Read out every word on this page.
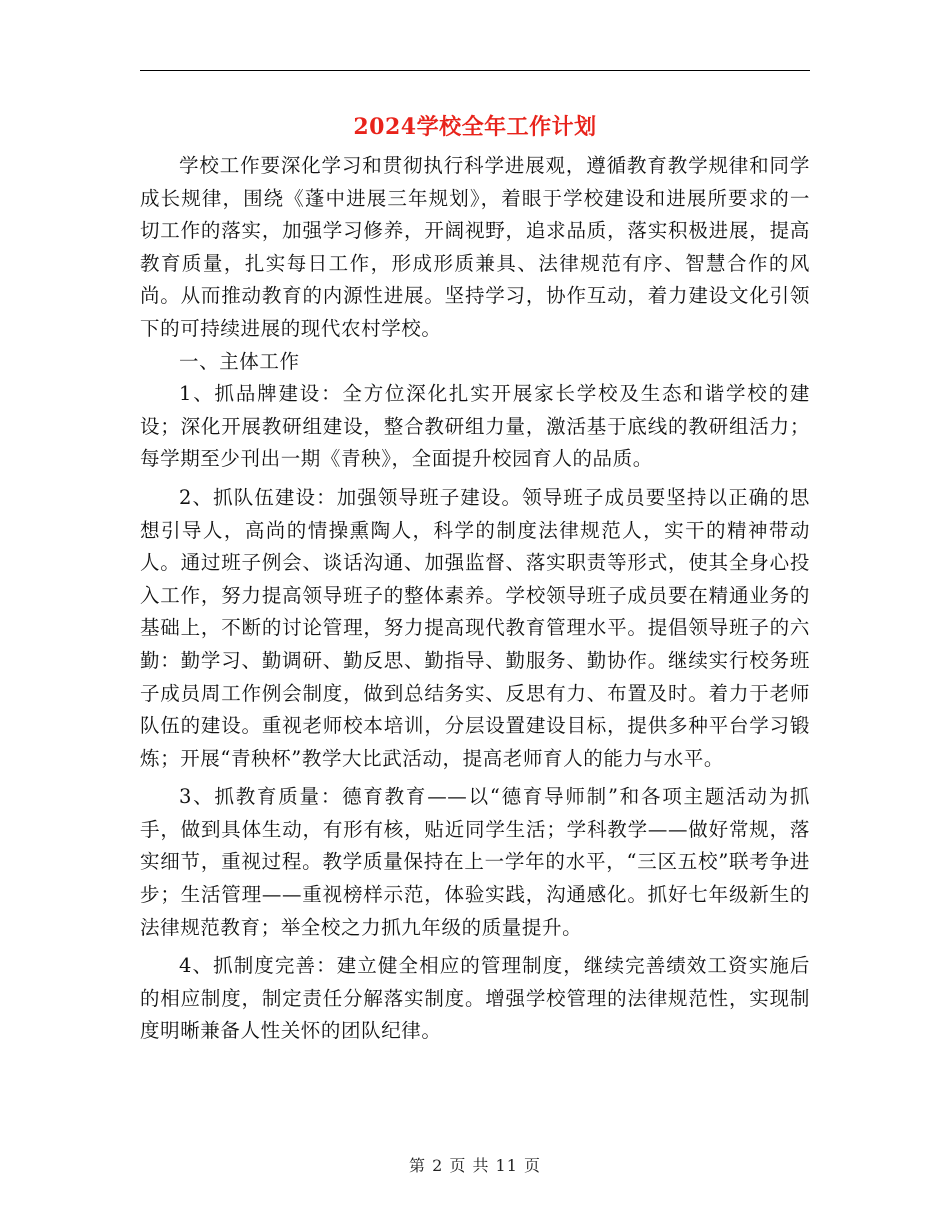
2024学校全年工作计划

学校工作要深化学习和贯彻执行科学进展观，遵循教育教学规律和同学成长规律，围绕《蓬中进展三年规划》，着眼于学校建设和进展所要求的一切工作的落实，加强学习修养，开阔视野，追求品质，落实积极进展，提高教育质量，扎实每日工作，形成形质兼具、法律规范有序、智慧合作的风尚。从而推动教育的内源性进展。坚持学习，协作互动，着力建设文化引领下的可持续进展的现代农村学校。

一、主体工作

1、抓品牌建设：全方位深化扎实开展家长学校及生态和谐学校的建设；深化开展教研组建设，整合教研组力量，激活基于底线的教研组活力；每学期至少刊出一期《青秧》，全面提升校园育人的品质。

2、抓队伍建设：加强领导班子建设。领导班子成员要坚持以正确的思想引导人，高尚的情操熏陶人，科学的制度法律规范人，实干的精神带动人。通过班子例会、谈话沟通、加强监督、落实职责等形式，使其全身心投入工作，努力提高领导班子的整体素养。学校领导班子成员要在精通业务的基础上，不断的讨论管理，努力提高现代教育管理水平。提倡领导班子的六勤：勤学习、勤调研、勤反思、勤指导、勤服务、勤协作。继续实行校务班子成员周工作例会制度，做到总结务实、反思有力、布置及时。着力于老师队伍的建设。重视老师校本培训，分层设置建设目标，提供多种平台学习锻炼；开展“青秧杯”教学大比武活动，提高老师育人的能力与水平。

3、抓教育质量：德育教育——以“德育导师制”和各项主题活动为抓手，做到具体生动，有形有核，贴近同学生活；学科教学——做好常规，落实细节，重视过程。教学质量保持在上一学年的水平，“三区五校”联考争进步；生活管理——重视榜样示范，体验实践，沟通感化。抓好七年级新生的法律规范教育；举全校之力抓九年级的质量提升。

4、抓制度完善：建立健全相应的管理制度，继续完善绩效工资实施后的相应制度，制定责任分解落实制度。增强学校管理的法律规范性，实现制度明晰兼备人性关怀的团队纪律。

第 2 页 共 11 页
